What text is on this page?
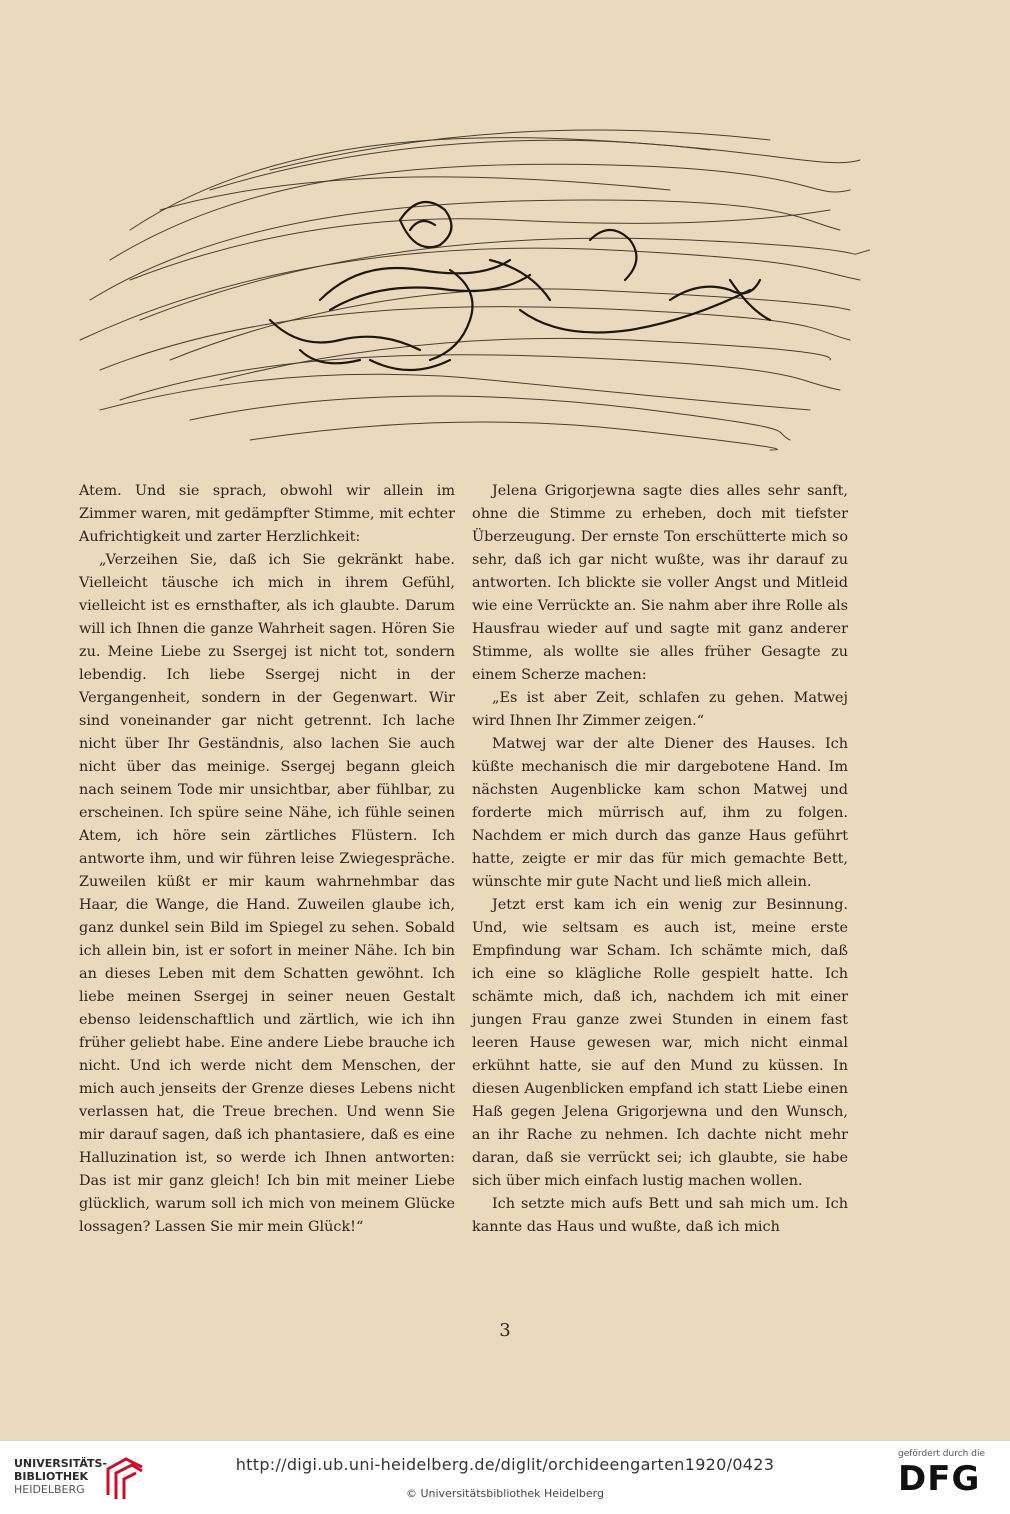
Atem. Und sie sprach, obwohl wir allein im Zimmer waren, mit gedämpfter Stimme, mit echter Aufrichtigkeit und zarter Herzlichkeit:

„Verzeihen Sie, daß ich Sie gekränkt habe. Vielleicht täusche ich mich in ihrem Gefühl, vielleicht ist es ernsthafter, als ich glaubte. Darum will ich Ihnen die ganze Wahrheit sagen. Hören Sie zu. Meine Liebe zu Ssergej ist nicht tot, sondern lebendig. Ich liebe Ssergej nicht in der Vergangenheit, sondern in der Gegenwart. Wir sind voneinander gar nicht getrennt. Ich lache nicht über Ihr Geständnis, also lachen Sie auch nicht über das meinige. Ssergej begann gleich nach seinem Tode mir unsichtbar, aber fühlbar, zu erscheinen. Ich spüre seine Nähe, ich fühle seinen Atem, ich höre sein zärtliches Flüstern. Ich antworte ihm, und wir führen leise Zwiegespräche. Zuweilen küßt er mir kaum wahrnehmbar das Haar, die Wange, die Hand. Zuweilen glaube ich, ganz dunkel sein Bild im Spiegel zu sehen. Sobald ich allein bin, ist er sofort in meiner Nähe. Ich bin an dieses Leben mit dem Schatten gewöhnt. Ich liebe meinen Ssergej in seiner neuen Gestalt ebenso leidenschaftlich und zärtlich, wie ich ihn früher geliebt habe. Eine andere Liebe brauche ich nicht. Und ich werde nicht dem Menschen, der mich auch jenseits der Grenze dieses Lebens nicht verlassen hat, die Treue brechen. Und wenn Sie mir darauf sagen, daß ich phantasiere, daß es eine Halluzination ist, so werde ich Ihnen antworten: Das ist mir ganz gleich! Ich bin mit meiner Liebe glücklich, warum soll ich mich von meinem Glücke lossagen? Lassen Sie mir mein Glück!“

Jelena Grigorjewna sagte dies alles sehr sanft, ohne die Stimme zu erheben, doch mit tiefster Überzeugung. Der ernste Ton erschütterte mich so sehr, daß ich gar nicht wußte, was ihr darauf zu antworten. Ich blickte sie voller Angst und Mitleid wie eine Verrückte an. Sie nahm aber ihre Rolle als Hausfrau wieder auf und sagte mit ganz anderer Stimme, als wollte sie alles früher Gesagte zu einem Scherze machen:

„Es ist aber Zeit, schlafen zu gehen. Matwej wird Ihnen Ihr Zimmer zeigen.“

Matwej war der alte Diener des Hauses. Ich küßte mechanisch die mir dargebotene Hand. Im nächsten Augenblicke kam schon Matwej und forderte mich mürrisch auf, ihm zu folgen. Nachdem er mich durch das ganze Haus geführt hatte, zeigte er mir das für mich gemachte Bett, wünschte mir gute Nacht und ließ mich allein.

Jetzt erst kam ich ein wenig zur Besinnung. Und, wie seltsam es auch ist, meine erste Empfindung war Scham. Ich schämte mich, daß ich eine so klägliche Rolle gespielt hatte. Ich schämte mich, daß ich, nachdem ich mit einer jungen Frau ganze zwei Stunden in einem fast leeren Hause gewesen war, mich nicht einmal erkühnt hatte, sie auf den Mund zu küssen. In diesen Augenblicken empfand ich statt Liebe einen Haß gegen Jelena Grigorjewna und den Wunsch, an ihr Rache zu nehmen. Ich dachte nicht mehr daran, daß sie verrückt sei; ich glaubte, sie habe sich über mich einfach lustig machen wollen.

Ich setzte mich aufs Bett und sah mich um. Ich kannte das Haus und wußte, daß ich mich

3
UNIVERSITÄTS-
BIBLIOTHEK
HEIDELBERG
http://digi.ub.uni-heidelberg.de/diglit/orchideengarten1920/0423
© Universitätsbibliothek Heidelberg
gefördert durch die
DFG
